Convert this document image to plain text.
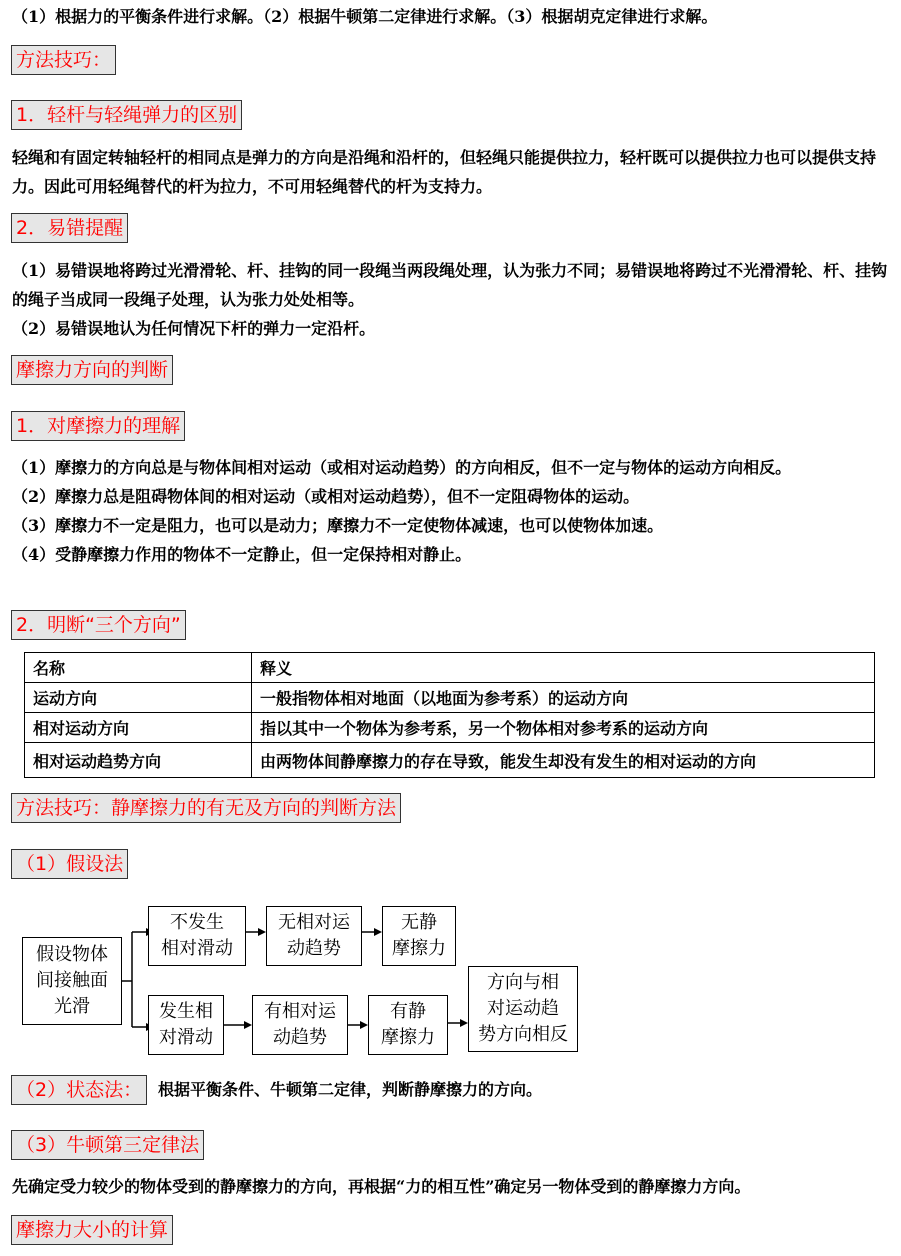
（1）根据力的平衡条件进行求解。（2）根据牛顿第二定律进行求解。（3）根据胡克定律进行求解。

方法技巧：
1．轻杆与轻绳弹力的区别

轻绳和有固定转轴轻杆的相同点是弹力的方向是沿绳和沿杆的，但轻绳只能提供拉力，轻杆既可以提供拉力也可以提供支持力。因此可用轻绳替代的杆为拉力，不可用轻绳替代的杆为支持力。

2．易错提醒

（1）易错误地将跨过光滑滑轮、杆、挂钩的同一段绳当两段绳处理，认为张力不同；易错误地将跨过不光滑滑轮、杆、挂钩的绳子当成同一段绳子处理，认为张力处处相等。

（2）易错误地认为任何情况下杆的弹力一定沿杆。

摩擦力方向的判断
1．对摩擦力的理解

（1）摩擦力的方向总是与物体间相对运动（或相对运动趋势）的方向相反，但不一定与物体的运动方向相反。

（2）摩擦力总是阻碍物体间的相对运动（或相对运动趋势），但不一定阻碍物体的运动。

（3）摩擦力不一定是阻力，也可以是动力；摩擦力不一定使物体减速，也可以使物体加速。

（4）受静摩擦力作用的物体不一定静止，但一定保持相对静止。

2．明断“三个方向”
名称	释义
运动方向	一般指物体相对地面（以地面为参考系）的运动方向
相对运动方向	指以其中一个物体为参考系，另一个物体相对参考系的运动方向
相对运动趋势方向	由两物体间静摩擦力的存在导致，能发生却没有发生的相对运动的方向
方法技巧：静摩擦力的有无及方向的判断方法
（1）假设法
假设物体
间接触面
光滑
不发生
相对滑动
无相对运
动趋势
无静
摩擦力
发生相
对滑动
有相对运
动趋势
有静
摩擦力
方向与相
对运动趋
势方向相反
（2）状态法： 根据平衡条件、牛顿第二定律，判断静摩擦力的方向。
（3）牛顿第三定律法

先确定受力较少的物体受到的静摩擦力的方向，再根据“力的相互性”确定另一物体受到的静摩擦力方向。

摩擦力大小的计算
